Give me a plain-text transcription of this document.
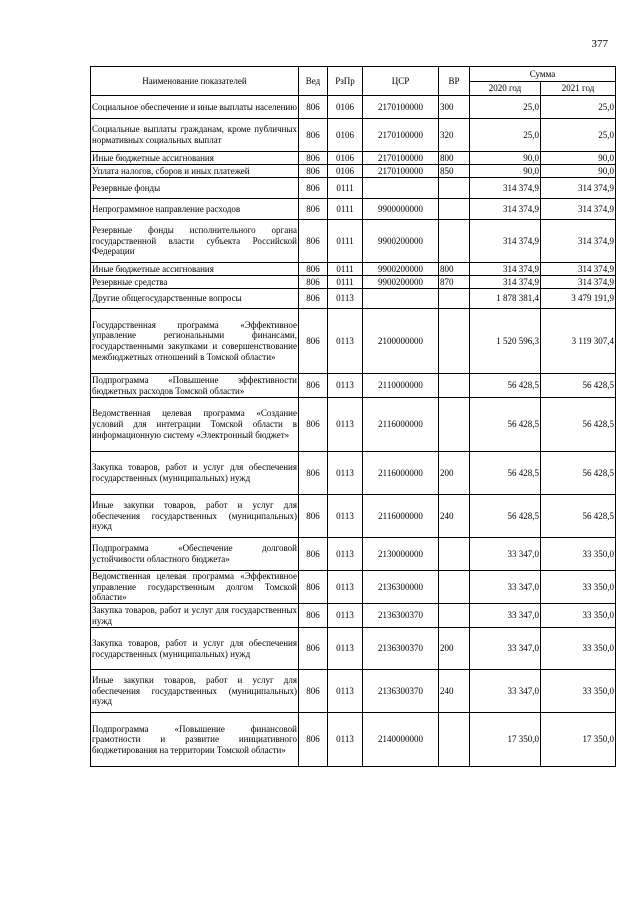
377
Наименование показателей	Вед	РзПр	ЦСР	ВР	Сумма	
					2020 год	2021 год
Социальное обеспечение и иные выплаты населению	806	0106	2170100000	300	25,0	25,0
Социальные выплаты гражданам, кроме публичных нормативных социальных выплат	806	0106	2170100000	320	25,0	25,0
Иные бюджетные ассигнования	806	0106	2170100000	800	90,0	90,0
Уплата налогов, сборов и иных платежей	806	0106	2170100000	850	90,0	90,0
Резервные фонды	806	0111			314 374,9	314 374,9
Непрограммное направление расходов	806	0111	9900000000		314 374,9	314 374,9
Резервные фонды исполнительного органа государственной власти субъекта Российской Федерации	806	0111	9900200000		314 374,9	314 374,9
Иные бюджетные ассигнования	806	0111	9900200000	800	314 374,9	314 374,9
Резервные средства	806	0111	9900200000	870	314 374,9	314 374,9
Другие общегосударственные вопросы	806	0113			1 878 381,4	3 479 191,9
Государственная программа «Эффективное управление региональными финансами, государственными закупками и совершенствование межбюджетных отношений в Томской области»	806	0113	2100000000		1 520 596,3	3 119 307,4
Подпрограмма «Повышение эффективности бюджетных расходов Томской области»	806	0113	2110000000		56 428,5	56 428,5
Ведомственная целевая программа «Создание условий для интеграции Томской области в информационную систему «Электронный бюджет»	806	0113	2116000000		56 428,5	56 428,5
Закупка товаров, работ и услуг для обеспечения государственных (муниципальных) нужд	806	0113	2116000000	200	56 428,5	56 428,5
Иные закупки товаров, работ и услуг для обеспечения государственных (муниципальных) нужд	806	0113	2116000000	240	56 428,5	56 428,5
Подпрограмма «Обеспечение долговой устойчивости областного бюджета»	806	0113	2130000000		33 347,0	33 350,0
Ведомственная целевая программа «Эффективное управление государственным долгом Томской области»	806	0113	2136300000		33 347,0	33 350,0
Закупка товаров, работ и услуг для государственных нужд	806	0113	2136300370		33 347,0	33 350,0
Закупка товаров, работ и услуг для обеспечения государственных (муниципальных) нужд	806	0113	2136300370	200	33 347,0	33 350,0
Иные закупки товаров, работ и услуг для обеспечения государственных (муниципальных) нужд	806	0113	2136300370	240	33 347,0	33 350,0
Подпрограмма «Повышение финансовой грамотности и развитие инициативного бюджетирования на территории Томской области»	806	0113	2140000000		17 350,0	17 350,0
